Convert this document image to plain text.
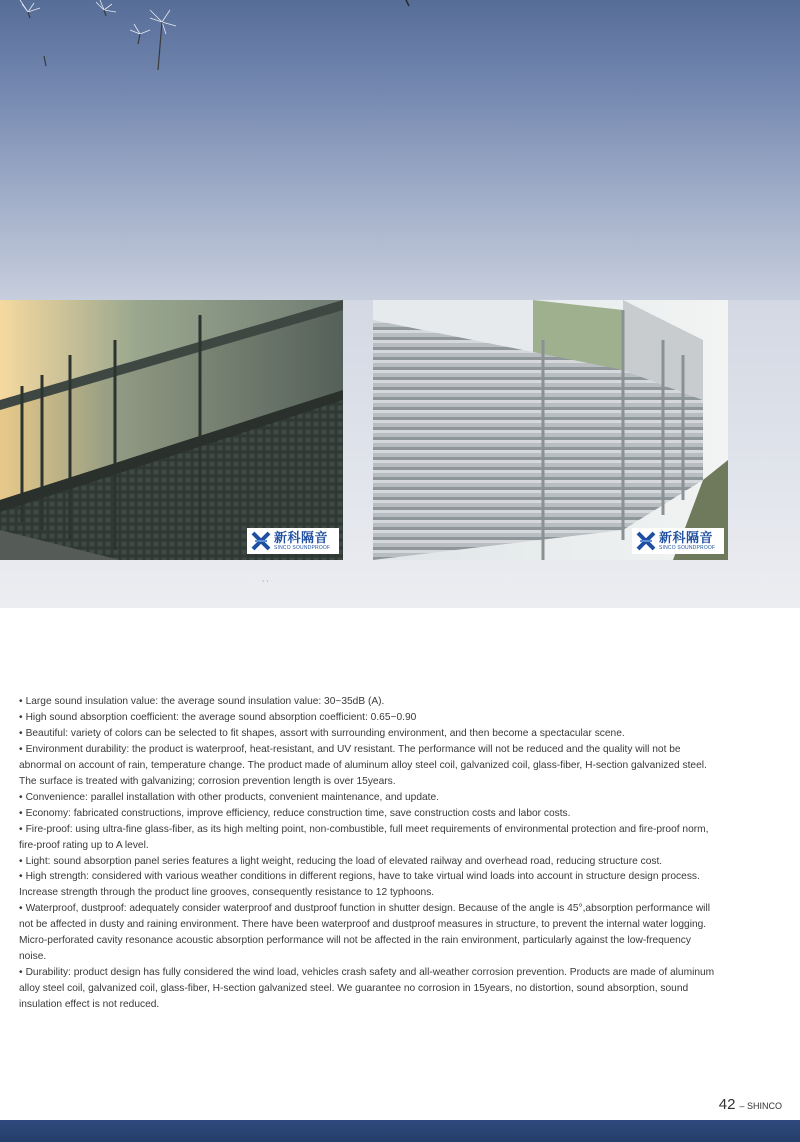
新科隔音
SINCO SOUNDPROOF
新科隔音
SINCO SOUNDPROOF
· ·

• Large sound insulation value: the average sound insulation value: 30~35dB (A).

• High sound absorption coefficient: the average sound absorption coefficient: 0.65~0.90

• Beautiful: variety of colors can be selected to fit shapes, assort with surrounding environment, and then become a spectacular scene.

• Environment durability: the product is waterproof, heat-resistant, and UV resistant. The performance will not be reduced and the quality will not be abnormal on account of rain, temperature change. The product made of aluminum alloy steel coil, galvanized coil, glass-fiber, H-section galvanized steel. The surface is treated with galvanizing; corrosion prevention length is over 15years.

• Convenience: parallel installation with other products, convenient maintenance, and update.

• Economy: fabricated constructions, improve efficiency, reduce construction time, save construction costs and labor costs.

• Fire-proof: using ultra-fine glass-fiber, as its high melting point, non-combustible, full meet requirements of environmental protection and fire-proof norm, fire-proof rating up to A level.

• Light: sound absorption panel series features a light weight, reducing the load of elevated railway and overhead road, reducing structure cost.

• High strength: considered with various weather conditions in different regions, have to take virtual wind loads into account in structure design process. Increase strength through the product line grooves, consequently resistance to 12 typhoons.

• Waterproof, dustproof: adequately consider waterproof and dustproof function in shutter design. Because of the angle is 45°,absorption performance will not be affected in dusty and raining environment. There have been waterproof and dustproof measures in structure, to prevent the internal water logging. Micro-perforated cavity resonance acoustic absorption performance will not be affected in the rain environment, particularly against the low-frequency noise.

• Durability: product design has fully considered the wind load, vehicles crash safety and all-weather corrosion prevention. Products are made of aluminum alloy steel coil, galvanized coil, glass-fiber, H-section galvanized steel. We guarantee no corrosion in 15years, no distortion, sound absorption, sound insulation effect is not reduced.

42 – SHINCO
